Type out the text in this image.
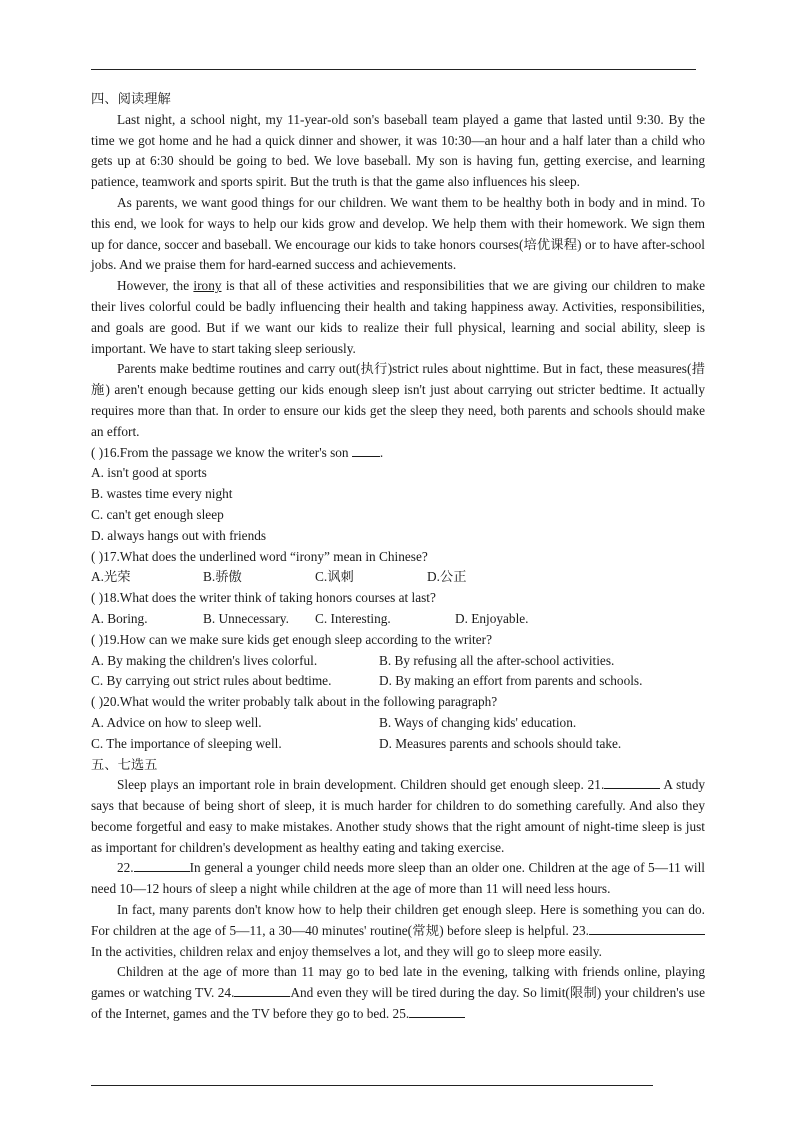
四、阅读理解

Last night, a school night, my 11-year-old son's baseball team played a game that lasted until 9:30. By the time we got home and he had a quick dinner and shower, it was 10:30—an hour and a half later than a child who gets up at 6:30 should be going to bed. We love baseball. My son is having fun, getting exercise, and learning patience, teamwork and sports spirit. But the truth is that the game also influences his sleep.

As parents, we want good things for our children. We want them to be healthy both in body and in mind. To this end, we look for ways to help our kids grow and develop. We help them with their homework. We sign them up for dance, soccer and baseball. We encourage our kids to take honors courses(培优课程) or to have after-school jobs. And we praise them for hard-earned success and achievements.

However, the irony is that all of these activities and responsibilities that we are giving our children to make their lives colorful could be badly influencing their health and taking happiness away. Activities, responsibilities, and goals are good. But if we want our kids to realize their full physical, learning and social ability, sleep is important. We have to start taking sleep seriously.

Parents make bedtime routines and carry out(执行)strict rules about nighttime. But in fact, these measures(措施) aren't enough because getting our kids enough sleep isn't just about carrying out stricter bedtime. It actually requires more than that. In order to ensure our kids get the sleep they need, both parents and schools should make an effort.

( )16.From the passage we know the writer's son .
A. isn't good at sports
B. wastes time every night
C. can't get enough sleep
D. always hangs out with friends
( )17.What does the underlined word “irony” mean in Chinese?
A.光荣	B.骄傲	C.讽刺	D.公正
( )18.What does the writer think of taking honors courses at last?
A. Boring.	B. Unnecessary.	C. Interesting.	D. Enjoyable.
( )19.How can we make sure kids get enough sleep according to the writer?
A. By making the children's lives colorful.	B. By refusing all the after-school activities.
C. By carrying out strict rules about bedtime.	D. By making an effort from parents and schools.
( )20.What would the writer probably talk about in the following paragraph?
A. Advice on how to sleep well.	B. Ways of changing kids' education.
C. The importance of sleeping well.	D. Measures parents and schools should take.
五、七选五

Sleep plays an important role in brain development. Children should get enough sleep. 21.	A study says that because of being short of sleep, it is much harder for children to do something carefully. And also they become forgetful and easy to make mistakes. Another study shows that the right amount of night-time sleep is just as important for children's development as healthy eating and taking exercise.

22.	In general a younger child needs more sleep than an older one. Children at the age of 5—11 will need 10—12 hours of sleep a night while children at the age of more than 11 will need less hours.

In fact, many parents don't know how to help their children get enough sleep. Here is something you can do. For children at the age of 5—11, a 30—40 minutes' routine(常规) before sleep is helpful. 23. In the activities, children relax and enjoy themselves a lot, and they will go to sleep more easily.

Children at the age of more than 11 may go to bed late in the evening, talking with friends online, playing games or watching TV. 24.	And even they will be tired during the day. So limit(限制) your children's use of the Internet, games and the TV before they go to bed. 25.
